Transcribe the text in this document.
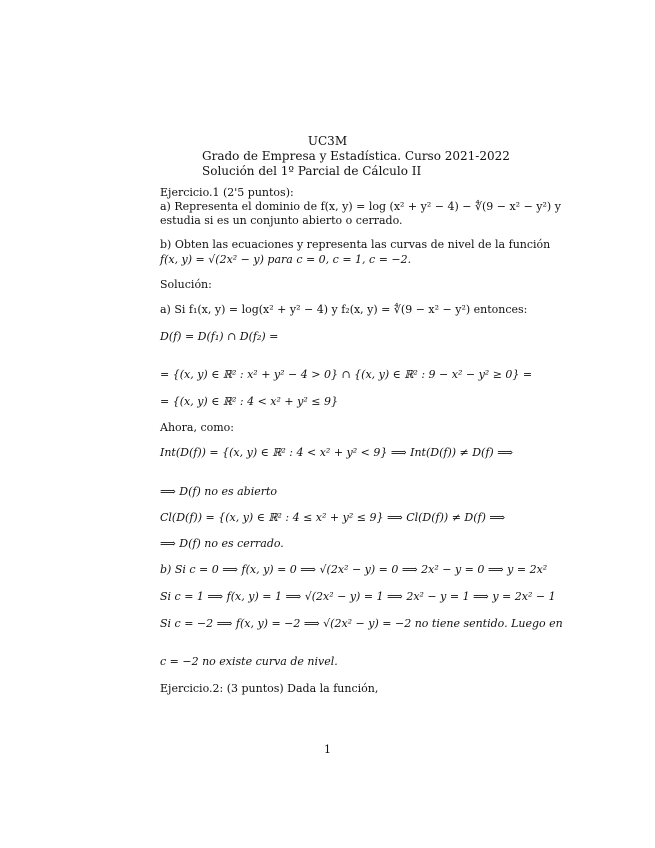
UC3M
Grado de Empresa y Estadística. Curso 2021-2022
Solución del 1º Parcial de Cálculo II
Ejercicio.1 (2'5 puntos):
a) Representa el dominio de f(x, y) = log (x² + y² − 4) − ∜(9 − x² − y²) y
estudia si es un conjunto abierto o cerrado.
b) Obten las ecuaciones y representa las curvas de nivel de la función
f(x, y) = √(2x² − y) para c = 0, c = 1, c = −2.
Solución:
a) Si f₁(x, y) = log(x² + y² − 4) y f₂(x, y) = ∜(9 − x² − y²) entonces:
D(f) = D(f₁) ∩ D(f₂) =
= {(x, y) ∈ ℝ² : x² + y² − 4 > 0} ∩ {(x, y) ∈ ℝ² : 9 − x² − y² ≥ 0} =
= {(x, y) ∈ ℝ² : 4 < x² + y² ≤ 9}
Ahora, como:
Int(D(f)) = {(x, y) ∈ ℝ² : 4 < x² + y² < 9} ⟹ Int(D(f)) ≠ D(f) ⟹
⟹ D(f) no es abierto
Cl(D(f)) = {(x, y) ∈ ℝ² : 4 ≤ x² + y² ≤ 9} ⟹ Cl(D(f)) ≠ D(f) ⟹
⟹ D(f) no es cerrado.
b) Si c = 0 ⟹ f(x, y) = 0 ⟹ √(2x² − y) = 0 ⟹ 2x² − y = 0 ⟹ y = 2x²
Si c = 1 ⟹ f(x, y) = 1 ⟹ √(2x² − y) = 1 ⟹ 2x² − y = 1 ⟹ y = 2x² − 1
Si c = −2 ⟹ f(x, y) = −2 ⟹ √(2x² − y) = −2 no tiene sentido. Luego en
c = −2 no existe curva de nivel.
Ejercicio.2: (3 puntos) Dada la función,
1
